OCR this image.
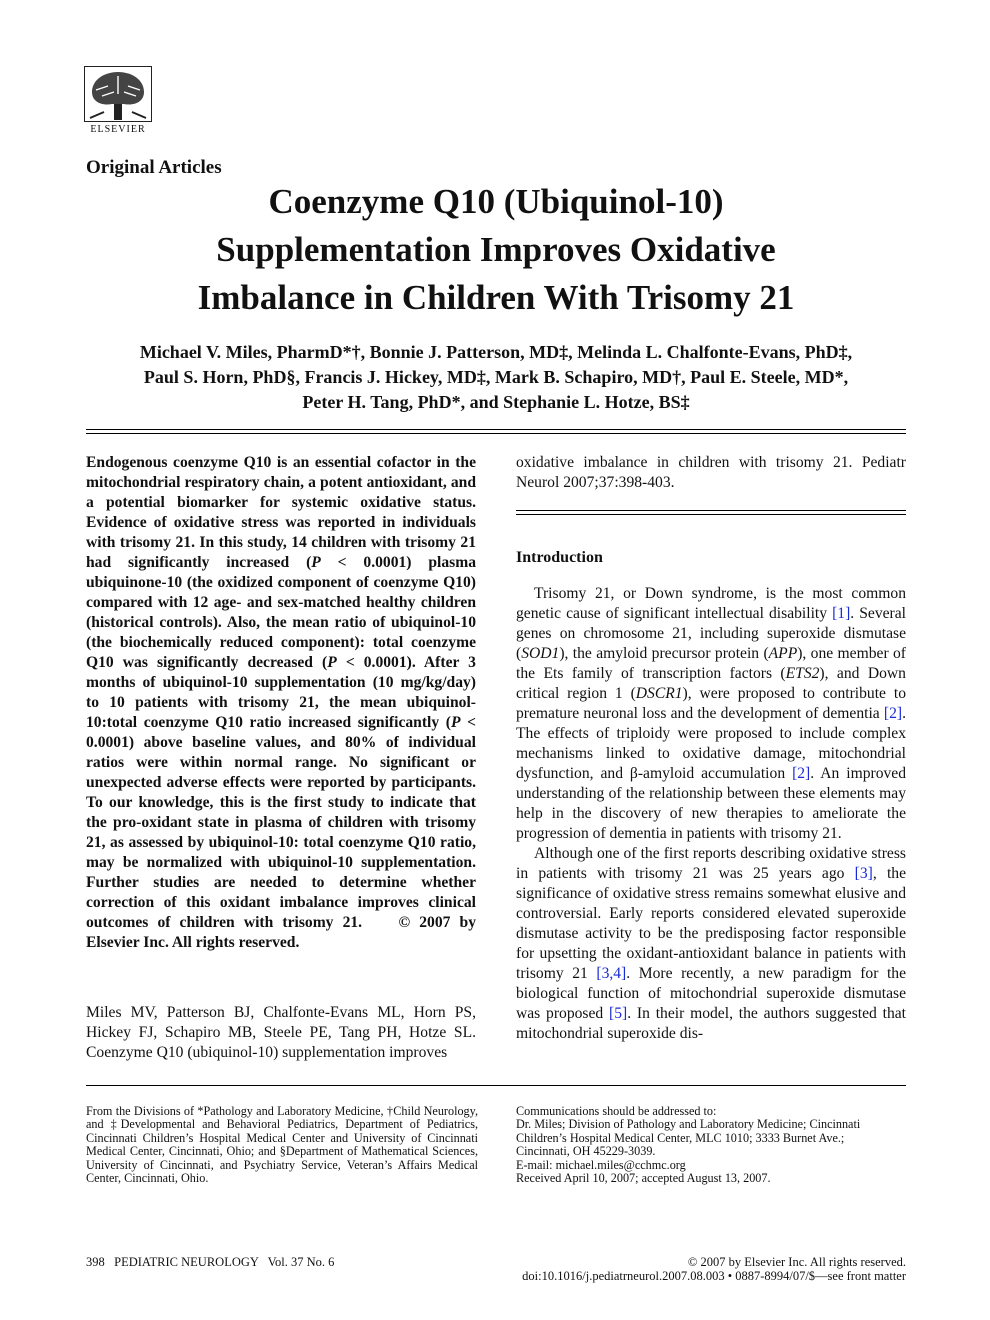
ELSEVIER
Original Articles
Coenzyme Q10 (Ubiquinol-10)
Supplementation Improves Oxidative
Imbalance in Children With Trisomy 21
Michael V. Miles, PharmD*†, Bonnie J. Patterson, MD‡, Melinda L. Chalfonte-Evans, PhD‡,
Paul S. Horn, PhD§, Francis J. Hickey, MD‡, Mark B. Schapiro, MD†, Paul E. Steele, MD*,
Peter H. Tang, PhD*, and Stephanie L. Hotze, BS‡
Endogenous coenzyme Q10 is an essential cofactor in the mitochondrial respiratory chain, a potent antioxidant, and a potential biomarker for systemic oxidative status. Evidence of oxidative stress was reported in individuals with trisomy 21. In this study, 14 children with trisomy 21 had significantly increased (P < 0.0001) plasma ubiquinone-10 (the oxidized component of coenzyme Q10) compared with 12 age- and sex-matched healthy children (historical controls). Also, the mean ratio of ubiquinol-10 (the biochemically reduced component): total coenzyme Q10 was significantly decreased (P < 0.0001). After 3 months of ubiquinol-10 supplementation (10 mg/kg/day) to 10 patients with trisomy 21, the mean ubiquinol-10:total coenzyme Q10 ratio increased significantly (P < 0.0001) above baseline values, and 80% of individual ratios were within normal range. No significant or unexpected adverse effects were reported by participants. To our knowledge, this is the first study to indicate that the pro-oxidant state in plasma of children with trisomy 21, as assessed by ubiquinol-10: total coenzyme Q10 ratio, may be normalized with ubiquinol-10 supplementation. Further studies are needed to determine whether correction of this oxidant imbalance improves clinical outcomes of children with trisomy 21. © 2007 by Elsevier Inc. All rights reserved.
Miles MV, Patterson BJ, Chalfonte-Evans ML, Horn PS, Hickey FJ, Schapiro MB, Steele PE, Tang PH, Hotze SL. Coenzyme Q10 (ubiquinol-10) supplementation improves
oxidative imbalance in children with trisomy 21. Pediatr Neurol 2007;37:398-403.
Introduction

Trisomy 21, or Down syndrome, is the most common genetic cause of significant intellectual disability [1]. Several genes on chromosome 21, including superoxide dismutase (SOD1), the amyloid precursor protein (APP), one member of the Ets family of transcription factors (ETS2), and Down critical region 1 (DSCR1), were proposed to contribute to premature neuronal loss and the development of dementia [2]. The effects of triploidy were proposed to include complex mechanisms linked to oxidative damage, mitochondrial dysfunction, and β-amyloid accumulation [2]. An improved understanding of the relationship between these elements may help in the discovery of new therapies to ameliorate the progression of dementia in patients with trisomy 21.

Although one of the first reports describing oxidative stress in patients with trisomy 21 was 25 years ago [3], the significance of oxidative stress remains somewhat elusive and controversial. Early reports considered elevated superoxide dismutase activity to be the predisposing factor responsible for upsetting the oxidant-antioxidant balance in patients with trisomy 21 [3,4]. More recently, a new paradigm for the biological function of mitochondrial superoxide dismutase was proposed [5]. In their model, the authors suggested that mitochondrial superoxide dis-

From the Divisions of *Pathology and Laboratory Medicine, †Child Neurology, and ‡Developmental and Behavioral Pediatrics, Department of Pediatrics, Cincinnati Children’s Hospital Medical Center and University of Cincinnati Medical Center, Cincinnati, Ohio; and §Department of Mathematical Sciences, University of Cincinnati, and Psychiatry Service, Veteran’s Affairs Medical Center, Cincinnati, Ohio.
Communications should be addressed to:
Dr. Miles; Division of Pathology and Laboratory Medicine; Cincinnati
Children’s Hospital Medical Center, MLC 1010; 3333 Burnet Ave.;
Cincinnati, OH 45229-3039.
E-mail: michael.miles@cchmc.org
Received April 10, 2007; accepted August 13, 2007.
398   PEDIATRIC NEUROLOGY   Vol. 37 No. 6	© 2007 by Elsevier Inc. All rights reserved.
doi:10.1016/j.pediatrneurol.2007.08.003 • 0887-8994/07/$—see front matter
